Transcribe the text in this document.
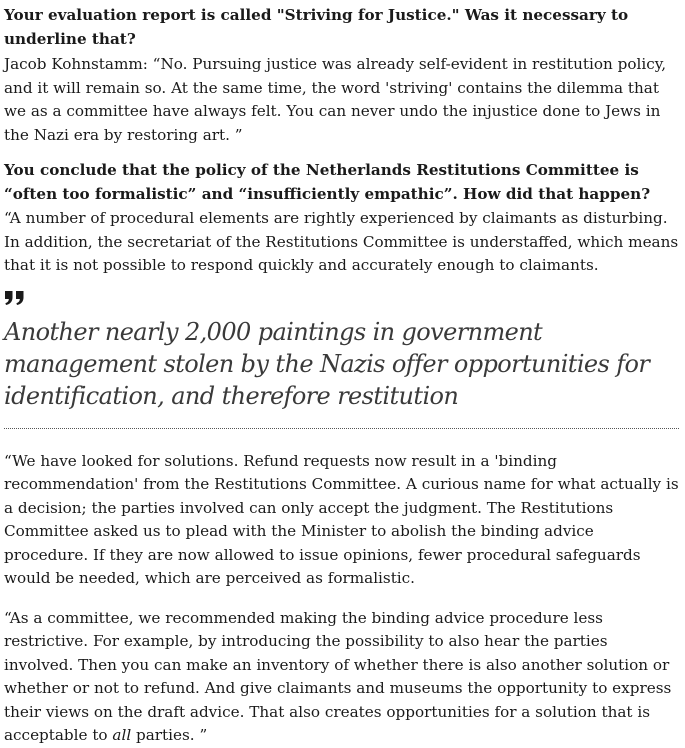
Your evaluation report is called "Striving for Justice." Was it necessary to underline that?

Jacob Kohnstamm: “No. Pursuing justice was already self-evident in restitution policy, and it will remain so. At the same time, the word 'striving' contains the dilemma that we as a committee have always felt. You can never undo the injustice done to Jews in the Nazi era by restoring art. ”

You conclude that the policy of the Netherlands Restitutions Committee is “often too formalistic” and “insufficiently empathic”. How did that happen?

“A number of procedural elements are rightly experienced by claimants as disturbing. In addition, the secretariat of the Restitutions Committee is understaffed, which means that it is not possible to respond quickly and accurately enough to claimants.

Another nearly 2,000 paintings in government management stolen by the Nazis offer opportunities for identification, and therefore restitution

“We have looked for solutions. Refund requests now result in a 'binding recommendation' from the Restitutions Committee. A curious name for what actually is a decision; the parties involved can only accept the judgment. The Restitutions Committee asked us to plead with the Minister to abolish the binding advice procedure. If they are now allowed to issue opinions, fewer procedural safeguards would be needed, which are perceived as formalistic.

“As a committee, we recommended making the binding advice procedure less restrictive. For example, by introducing the possibility to also hear the parties involved. Then you can make an inventory of whether there is also another solution or whether or not to refund. And give claimants and museums the opportunity to express their views on the draft advice. That also creates opportunities for a solution that is acceptable to all parties. ”
